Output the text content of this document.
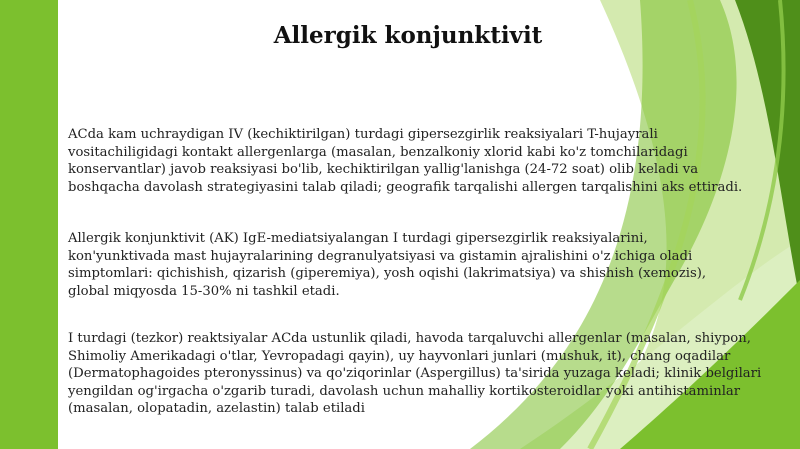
Allergik konjunktivit

ACda kam uchraydigan IV (kechiktirilgan) turdagi gipersezgirlik reaksiyalari T-hujayrali vositachiligidagi kontakt allergenlarga (masalan, benzalkoniy xlorid kabi ko'z tomchilaridagi konservantlar) javob reaksiyasi bo'lib, kechiktirilgan yallig'lanishga (24-72 soat) olib keladi va boshqacha davolash strategiyasini talab qiladi; geografik tarqalishi allergen tarqalishini aks ettiradi.

Allergik konjunktivit (AK) IgE-mediatsiyalangan I turdagi gipersezgirlik reaksiyalarini, kon'yunktivada mast hujayralarining degranulyatsiyasi va gistamin ajralishini o'z ichiga oladi simptomlari: qichishish, qizarish (giperemiya), yosh oqishi (lakrimatsiya) va shishish (xemozis), global miqyosda 15-30% ni tashkil etadi.

I turdagi (tezkor) reaktsiyalar ACda ustunlik qiladi, havoda tarqaluvchi allergenlar (masalan, shiypon, Shimoliy Amerikadagi o'tlar, Yevropadagi qayin), uy hayvonlari junlari (mushuk, it), chang oqadilar (Dermatophagoides pteronyssinus) va qo'ziqorinlar (Aspergillus) ta'sirida yuzaga keladi; klinik belgilari yengildan og'irgacha o'zgarib turadi, davolash uchun mahalliy kortikosteroidlar yoki antihistaminlar (masalan, olopatadin, azelastin) talab etiladi
